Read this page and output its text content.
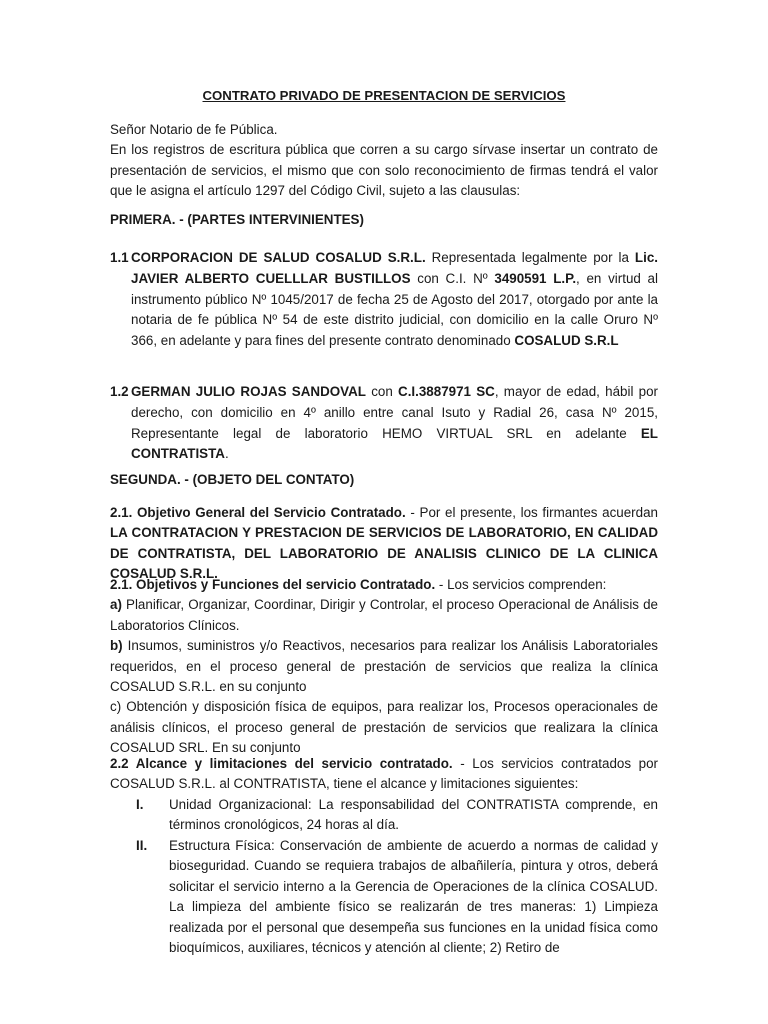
CONTRATO PRIVADO DE PRESENTACION DE SERVICIOS

Señor Notario de fe Pública.
En los registros de escritura pública que corren a su cargo sírvase insertar un contrato de presentación de servicios, el mismo que con solo reconocimiento de firmas tendrá el valor que le asigna el artículo 1297 del Código Civil, sujeto a las clausulas:

PRIMERA. - (PARTES INTERVINIENTES)

1.1 CORPORACION DE SALUD COSALUD S.R.L. Representada legalmente por la Lic. JAVIER ALBERTO CUELLLAR BUSTILLOS con C.I. Nº 3490591 L.P., en virtud al instrumento público Nº 1045/2017 de fecha 25 de Agosto del 2017, otorgado por ante la notaria de fe pública Nº 54 de este distrito judicial, con domicilio en la calle Oruro Nº 366, en adelante y para fines del presente contrato denominado COSALUD S.R.L
1.2 GERMAN JULIO ROJAS SANDOVAL con C.I.3887971 SC, mayor de edad, hábil por derecho, con domicilio en 4º anillo entre canal Isuto y Radial 26, casa Nº 2015, Representante legal de laboratorio HEMO VIRTUAL SRL en adelante EL CONTRATISTA.

SEGUNDA. - (OBJETO DEL CONTATO)

2.1. Objetivo General del Servicio Contratado. - Por el presente, los firmantes acuerdan LA CONTRATACION Y PRESTACION DE SERVICIOS DE LABORATORIO, EN CALIDAD DE CONTRATISTA, DEL LABORATORIO DE ANALISIS CLINICO DE LA CLINICA COSALUD S.R.L.

2.1. Objetivos y Funciones del servicio Contratado. - Los servicios comprenden:
a) Planificar, Organizar, Coordinar, Dirigir y Controlar, el proceso Operacional de Análisis de Laboratorios Clínicos.
b) Insumos, suministros y/o Reactivos, necesarios para realizar los Análisis Laboratoriales requeridos, en el proceso general de prestación de servicios que realiza la clínica COSALUD S.R.L. en su conjunto
c) Obtención y disposición física de equipos, para realizar los, Procesos operacionales de análisis clínicos, el proceso general de prestación de servicios que realizara la clínica COSALUD SRL. En su conjunto

2.2 Alcance y limitaciones del servicio contratado. - Los servicios contratados por COSALUD S.R.L. al CONTRATISTA, tiene el alcance y limitaciones siguientes:

I. Unidad Organizacional: La responsabilidad del CONTRATISTA comprende, en términos cronológicos, 24 horas al día.
II. Estructura Física: Conservación de ambiente de acuerdo a normas de calidad y bioseguridad. Cuando se requiera trabajos de albañilería, pintura y otros, deberá solicitar el servicio interno a la Gerencia de Operaciones de la clínica COSALUD. La limpieza del ambiente físico se realizarán de tres maneras: 1) Limpieza realizada por el personal que desempeña sus funciones en la unidad física como bioquímicos, auxiliares, técnicos y atención al cliente; 2) Retiro de
